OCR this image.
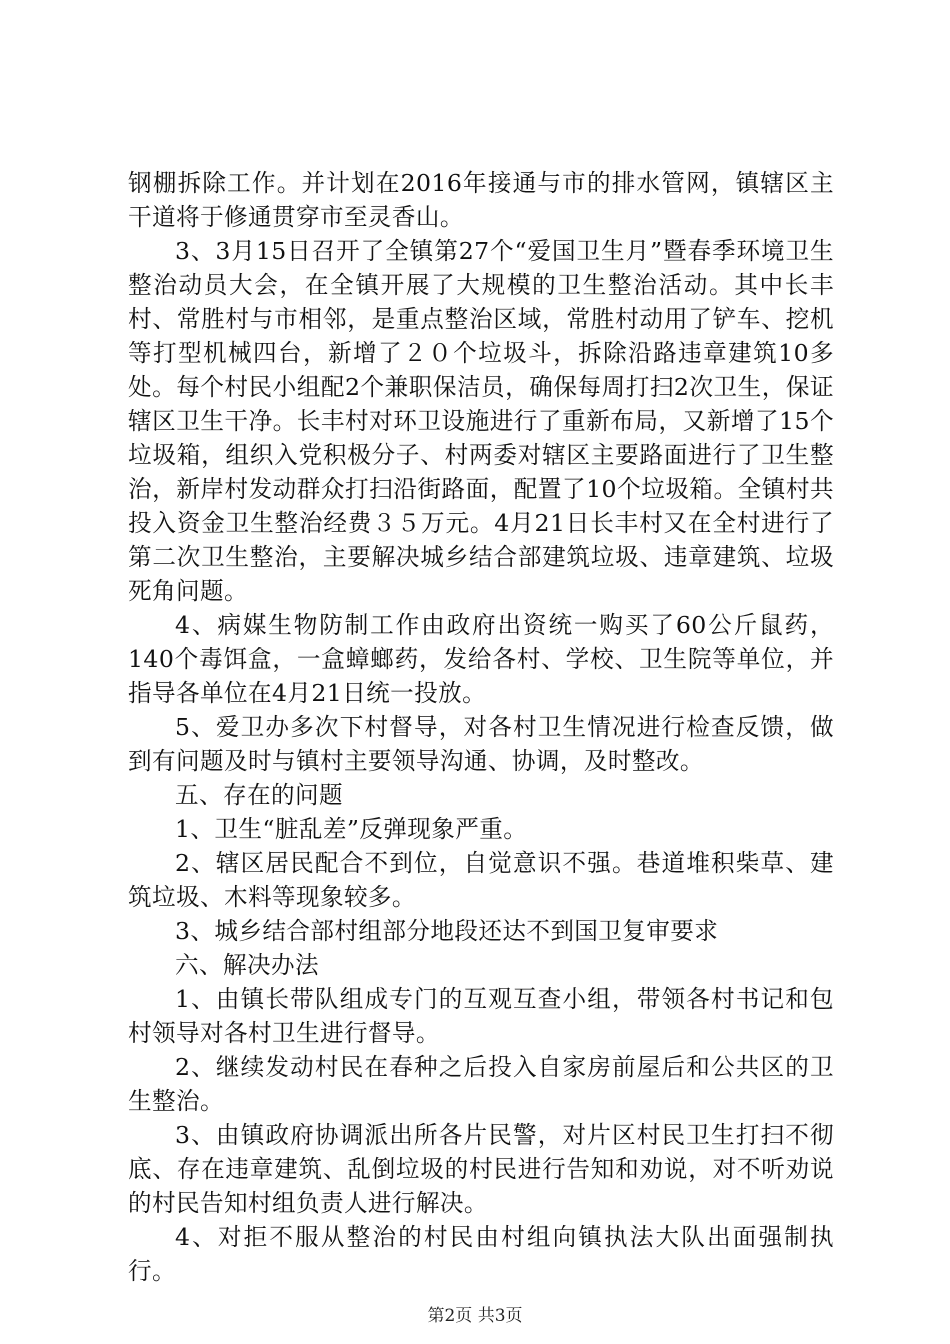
钢棚拆除工作。并计划在2016年接通与市的排水管网，镇辖区主干道将于修通贯穿市至灵香山。

3、3月15日召开了全镇第27个“爱国卫生月”暨春季环境卫生整治动员大会，在全镇开展了大规模的卫生整治活动。其中长丰村、常胜村与市相邻，是重点整治区域，常胜村动用了铲车、挖机等打型机械四台，新增了２０个垃圾斗，拆除沿路违章建筑10多处。每个村民小组配2个兼职保洁员，确保每周打扫2次卫生，保证辖区卫生干净。长丰村对环卫设施进行了重新布局，又新增了15个垃圾箱，组织入党积极分子、村两委对辖区主要路面进行了卫生整治，新岸村发动群众打扫沿街路面，配置了10个垃圾箱。全镇村共投入资金卫生整治经费３５万元。4月21日长丰村又在全村进行了第二次卫生整治，主要解决城乡结合部建筑垃圾、违章建筑、垃圾死角问题。

4、病媒生物防制工作由政府出资统一购买了60公斤鼠药，140个毒饵盒，一盒蟑螂药，发给各村、学校、卫生院等单位，并指导各单位在4月21日统一投放。

5、爱卫办多次下村督导，对各村卫生情况进行检查反馈，做到有问题及时与镇村主要领导沟通、协调，及时整改。

五、存在的问题

1、卫生“脏乱差”反弹现象严重。

2、辖区居民配合不到位，自觉意识不强。巷道堆积柴草、建筑垃圾、木料等现象较多。

3、城乡结合部村组部分地段还达不到国卫复审要求

六、解决办法

1、由镇长带队组成专门的互观互查小组，带领各村书记和包村领导对各村卫生进行督导。

2、继续发动村民在春种之后投入自家房前屋后和公共区的卫生整治。

3、由镇政府协调派出所各片民警，对片区村民卫生打扫不彻底、存在违章建筑、乱倒垃圾的村民进行告知和劝说，对不听劝说的村民告知村组负责人进行解决。

4、对拒不服从整治的村民由村组向镇执法大队出面强制执行。

第2页 共3页
